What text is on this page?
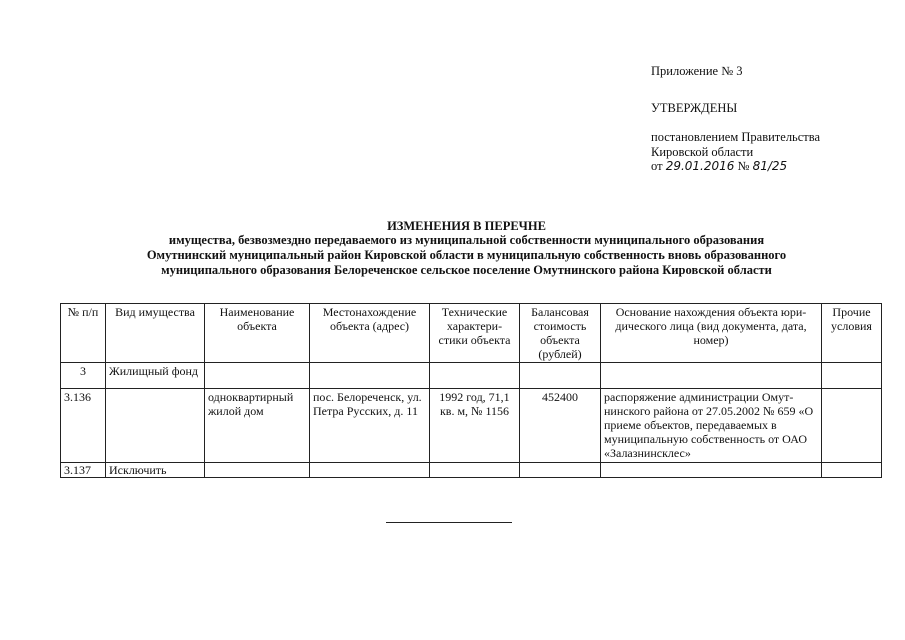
Приложение № 3
УТВЕРЖДЕНЫ
постановлением Правительства
Кировской области
от 29.01.2016 № 81/25
ИЗМЕНЕНИЯ В ПЕРЕЧНЕ
имущества, безвозмездно передаваемого из муниципальной собственности муниципального образования
Омутнинский муниципальный район Кировской области в муниципальную собственность вновь образованного
муниципального образования Белореченское сельское поселение Омутнинского района Кировской области
№ п/п	Вид имущества	Наименование объекта	Местонахождение объекта (адрес)	Технические характери-стики объекта	Балансовая стоимость объекта (рублей)	Основание нахождения объекта юри-дического лица (вид документа, дата, номер)	Прочие условия
3	Жилищный фонд						
3.136		одноквартирный жилой дом	пос. Белореченск, ул. Петра Русских, д. 11	1992 год, 71,1 кв. м, № 1156	452400	распоряжение администрации Омут-нинского района от 27.05.2002 № 659 «О приеме объектов, передаваемых в муниципальную собственность от ОАО «Залазнинсклес»	
3.137	Исключить						
